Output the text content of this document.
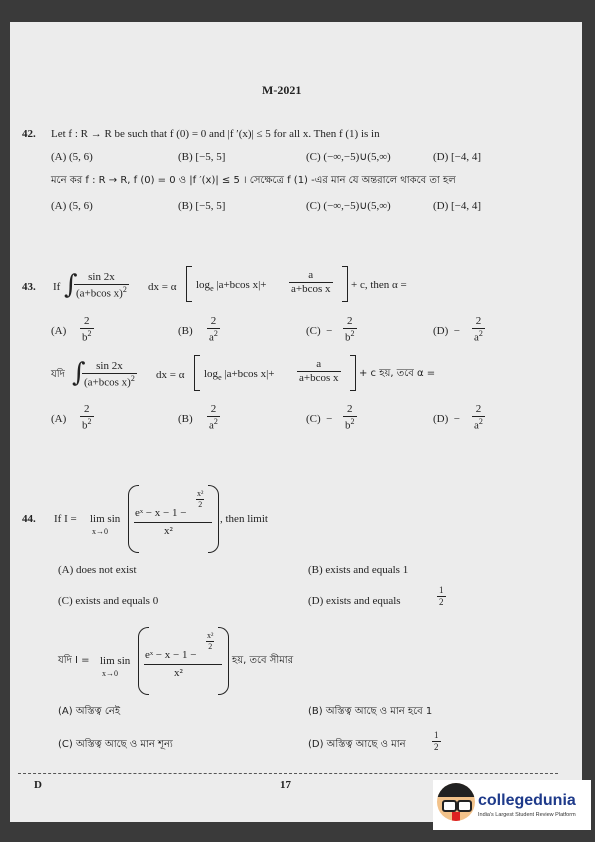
M-2021
42. Let f : R → R be such that f (0) = 0 and |f ′(x)| ≤ 5 for all x. Then f (1) is in
(A) (5, 6)	(B) [−5, 5]	(C) (−∞,−5)∪(5,∞)	(D) [−4, 4]
মনে কর f : R → R, f (0) = 0 ও |f ′(x)| ≤ 5 । সেক্ষেত্রে f (1) -এর মান যে অন্তরালে থাকবে তা হল
(A) (5, 6)	(B) [−5, 5]	(C) (−∞,−5)∪(5,∞)	(D) [−4, 4]
43. If ∫
$\frac{\sin 2x}{(a+bcos x)^2}$ dx = α $\log_e |a+bcos$ $x|+ \frac{a}{\text{a+bcos x}} + c$, then α =
$(A) \frac{2}{b^2}$	$(B) \frac{2}{a^2}$	$(C) - \frac{2}{b^2}$	$(D) - \frac{2}{a^2}$
যদি ∫
$\frac{\sin 2x}{(a+bcos x)^2}$ dx = α $\log_e |a+bcos$ $x|+ \frac{a}{\text{a+bcos x}} + c$ হয়, তবে α =
$(A) \frac{2}{b^2}$	$(B) \frac{2}{a^2}$	$(C) - \frac{2}{b^2}$	$(D) - \frac{2}{a^2}$
44. If I = lim sin
x→0
eˣ − x − 1 −
$\frac{\text{x²}}{2}$
x²
, then limit
(A) does not exist	(B) exists and equals 1
(C) exists and equals 0	(D) exists and equals	$\frac{1}{2}$
যদি I = lim sin
x→0
eˣ − x − 1 −
$\frac{\text{x²}}{2}$
x²
হয়, তবে সীমার
(A) অস্তিত্ব নেই	(B) অস্তিত্ব আছে ও মান হবে 1
(C) অস্তিত্ব আছে ও মান শূন্য	(D) অস্তিত্ব আছে ও মান	$\frac{1}{2}$
D	17
collegedunia
India's Largest Student Review Platform
